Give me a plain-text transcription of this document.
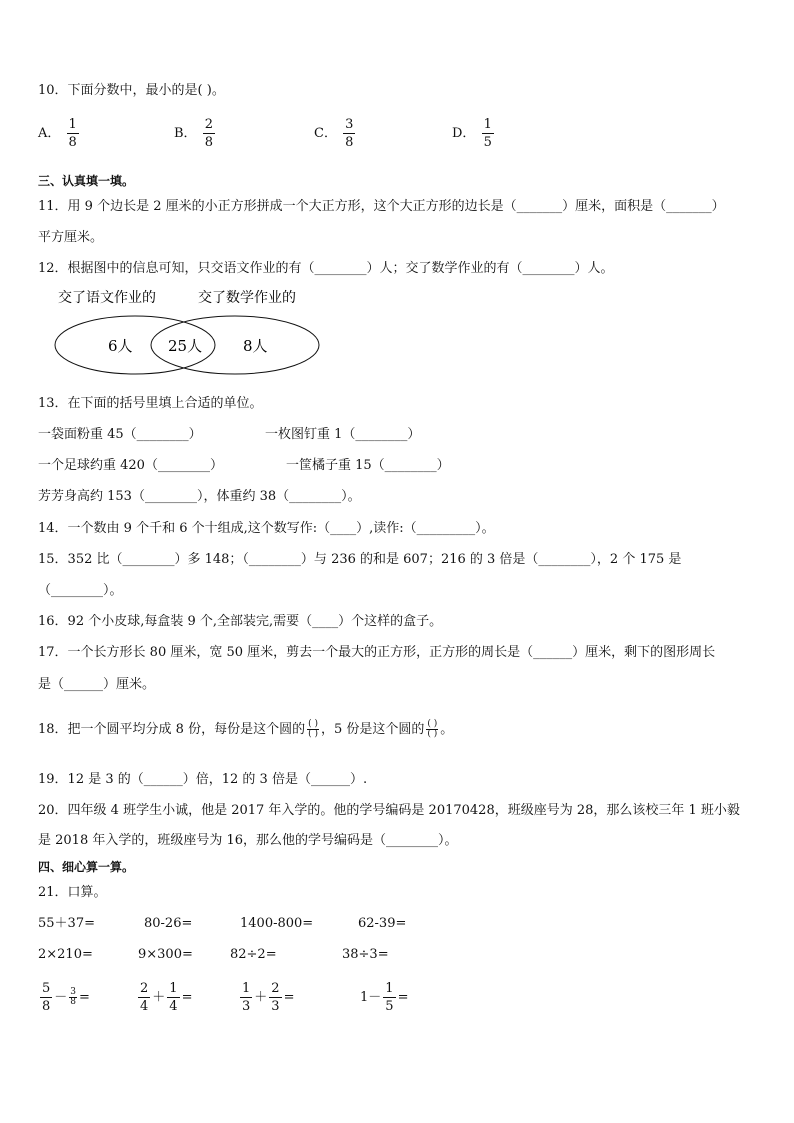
10．下面分数中，最小的是( )。
A． $\frac{1}{8}$	B． $\frac{2}{8}$	C． $\frac{3}{8}$	D． $\frac{1}{5}$
三、认真填一填。
11．用 9 个边长是 2 厘米的小正方形拼成一个大正方形，这个大正方形的边长是（_______）厘米，面积是（_______）
平方厘米。
12．根据图中的信息可知，只交语文作业的有（________）人；交了数学作业的有（________）人。
交了语文作业的	交了数学作业的
6人 25人	8人
13．在下面的括号里填上合适的单位。
一袋面粉重 45（________）	一枚图钉重 1（________）
一个足球约重 420（________）	一筐橘子重 15（________）
芳芳身高约 153（________），体重约 38（________）。
14．一个数由 9 个千和 6 个十组成,这个数写作:（____）,读作:（_________）。
15．352 比（________）多 148；（________）与 236 的和是 607；216 的 3 倍是（________），2 个 175 是
（________）。
16．92 个小皮球,每盒装 9 个,全部装完,需要（____）个这样的盒子。
17．一个长方形长 80 厘米，宽 50 厘米，剪去一个最大的正方形，正方形的周长是（______）厘米，剩下的图形周长
是（______）厘米。
18．把一个圆平均分成 8 份，每份是这个圆的 $\frac{( )}{( )}$ ，5 份是这个圆的 $\frac{( )}{( )}$ 。
19．12 是 3 的（______）倍，12 的 3 倍是（______）.
20．四年级 4 班学生小诚，他是 2017 年入学的。他的学号编码是 20170428，班级座号为 28，那么该校三年 1 班小毅
是 2018 年入学的，班级座号为 16，那么他的学号编码是（________）。
四、细心算一算。
21．口算。
55＋37=	80-26=	1400-800=	62-39=
2×210=	9×300=	82÷2=	38÷3=
$\frac{5}{8} - \frac{3}{8}$ =	$\frac{2}{4} + \frac{1}{4}$ =	$\frac{1}{3} + \frac{2}{3}$ =	$1- \frac{1}{5}$ =
